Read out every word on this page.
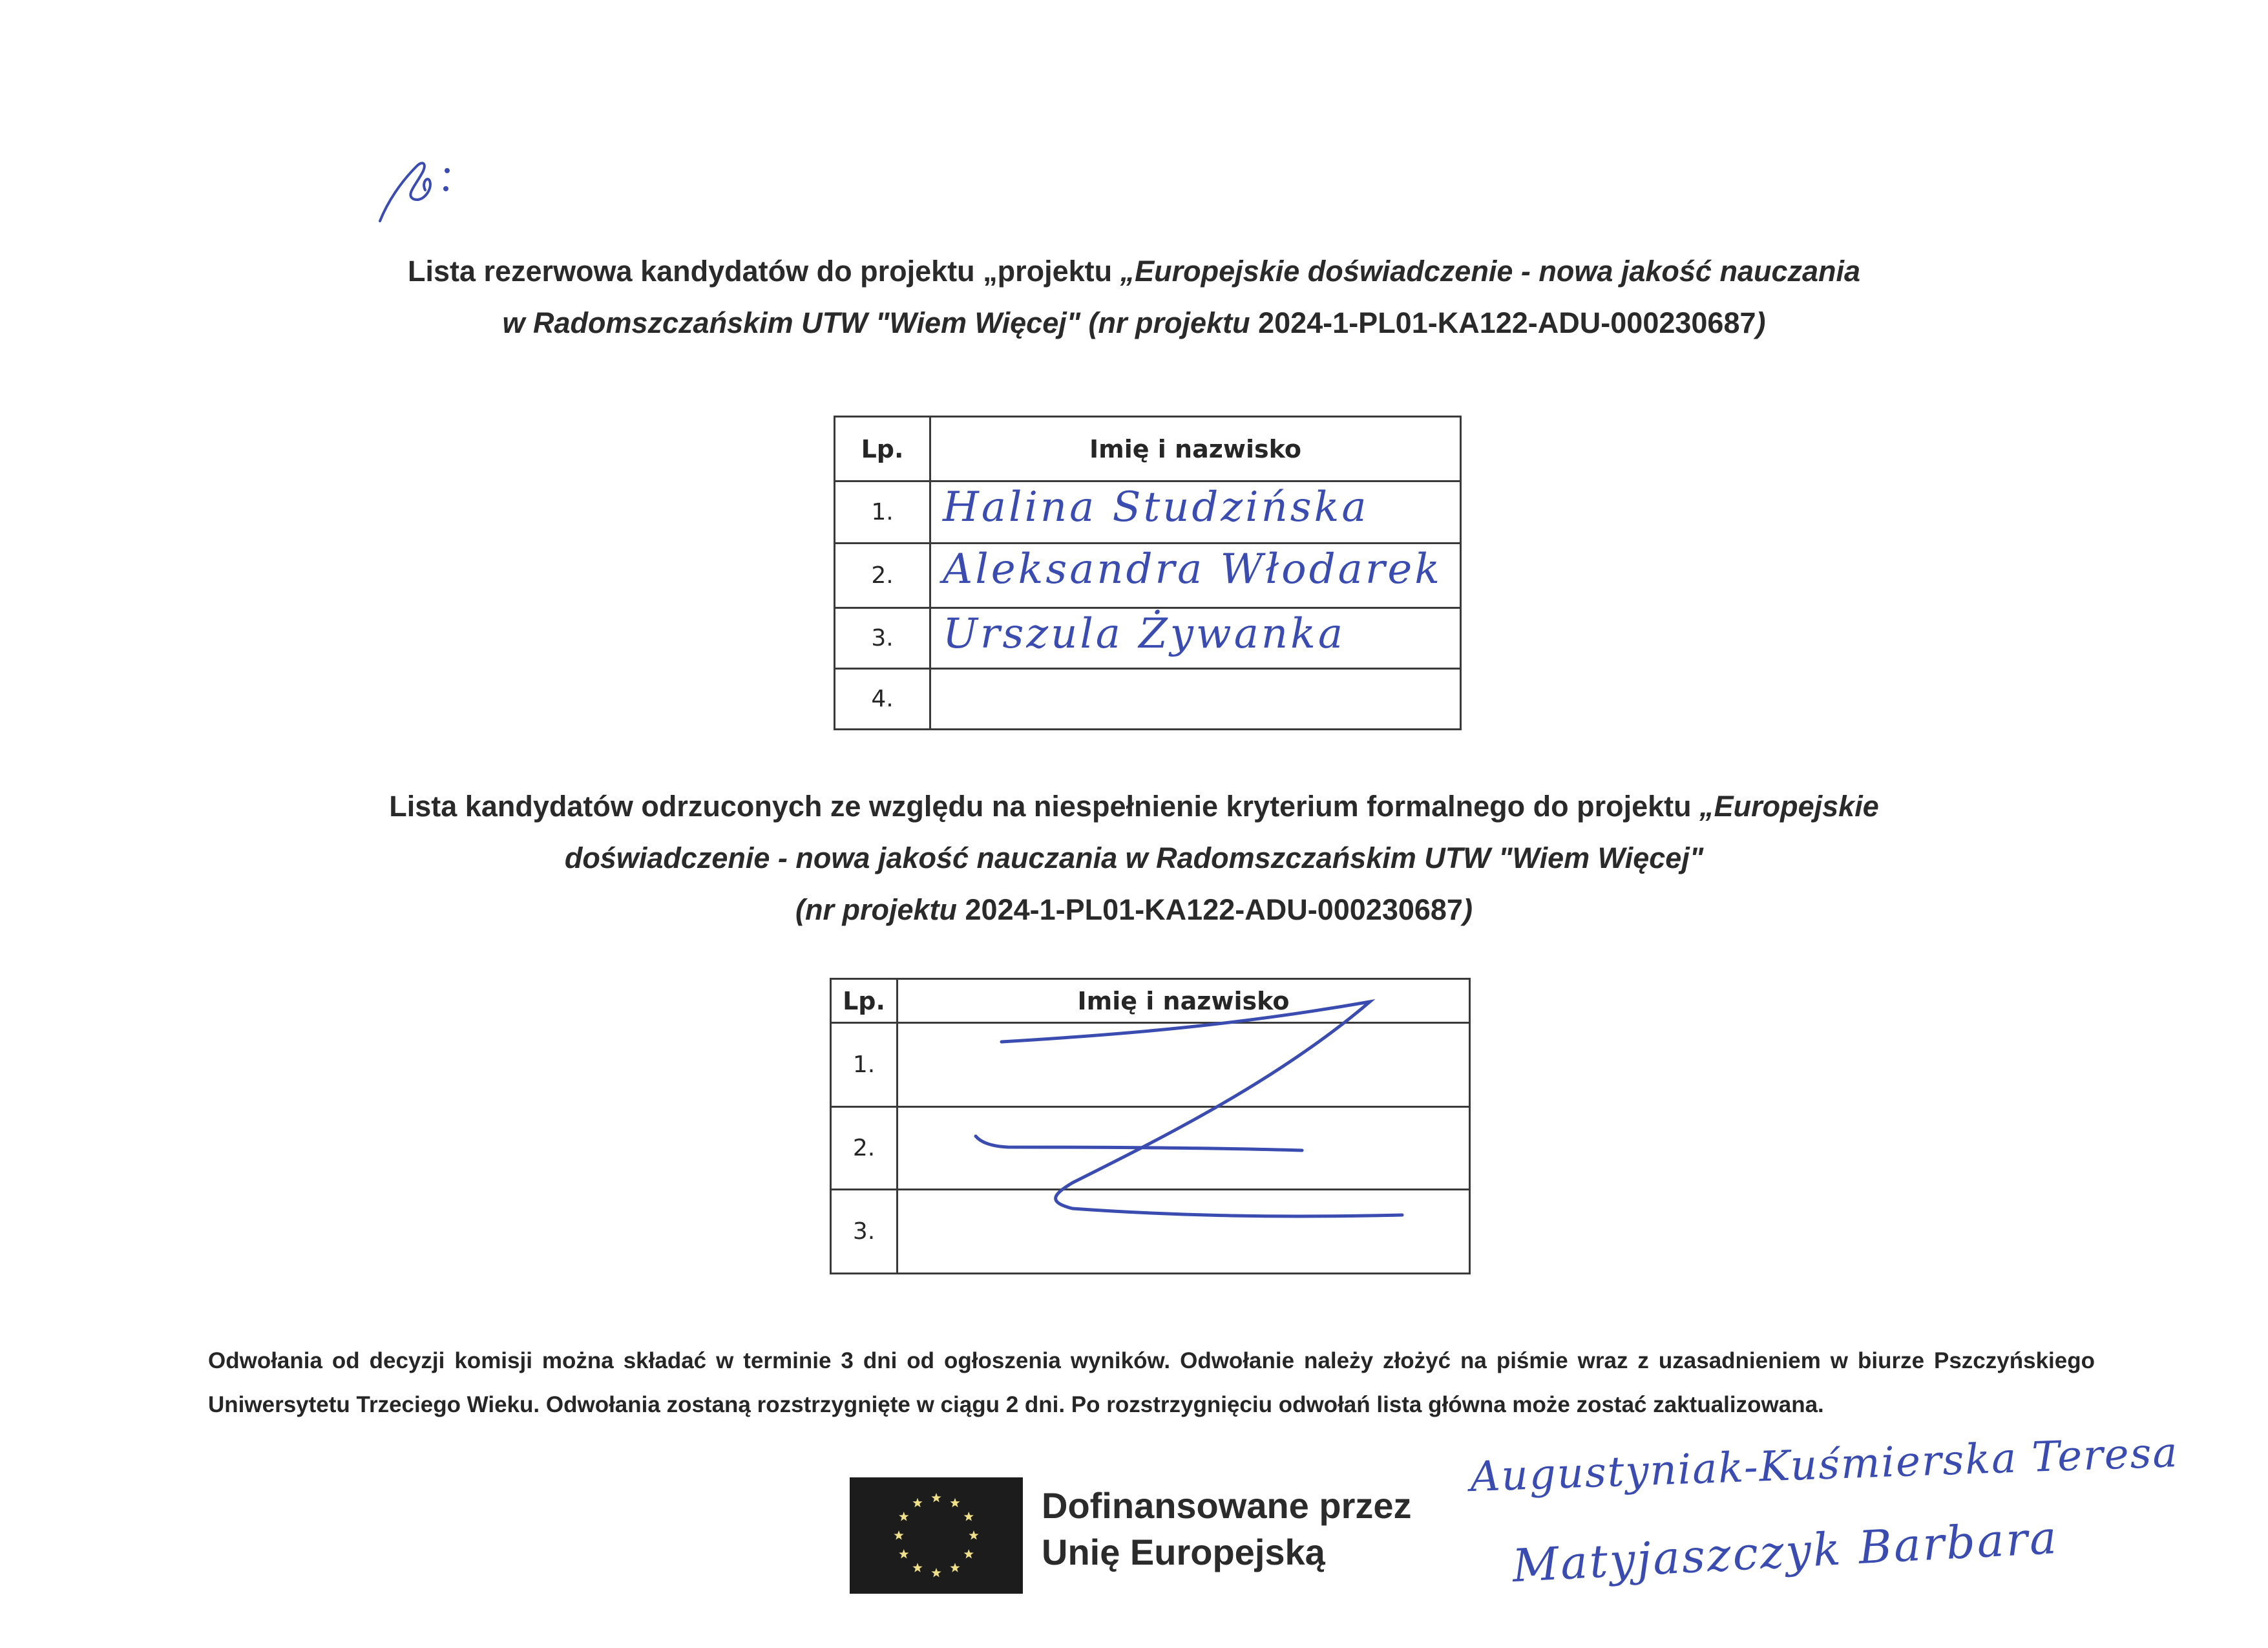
Lista rezerwowa kandydatów do projektu „projektu „Europejskie doświadczenie - nowa jakość nauczania
w Radomszczańskim UTW "Wiem Więcej" (nr projektu 2024-1-PL01-KA122-ADU-000230687)
Lp.	Imię i nazwisko
1.	Halina Studzińska

2.	Aleksandra Włodarek

3.	Urszula Żywanka

4.	
Lista kandydatów odrzuconych ze względu na niespełnienie kryterium formalnego do projektu „Europejskie
doświadczenie - nowa jakość nauczania w Radomszczańskim UTW "Wiem Więcej"
(nr projektu 2024-1-PL01-KA122-ADU-000230687)
Lp.	Imię i nazwisko
1.	
2.	
3.	
Odwołania od decyzji komisji można składać w terminie 3 dni od ogłoszenia wyników. Odwołanie należy złożyć na piśmie wraz z uzasadnieniem w biurze Pszczyńskiego Uniwersytetu Trzeciego Wieku. Odwołania zostaną rozstrzygnięte w ciągu 2 dni. Po rozstrzygnięciu odwołań lista główna może zostać zaktualizowana.
Dofinansowane przez
Unię Europejską
Augustyniak-Kuśmierska Teresa
Matyjaszczyk Barbara
